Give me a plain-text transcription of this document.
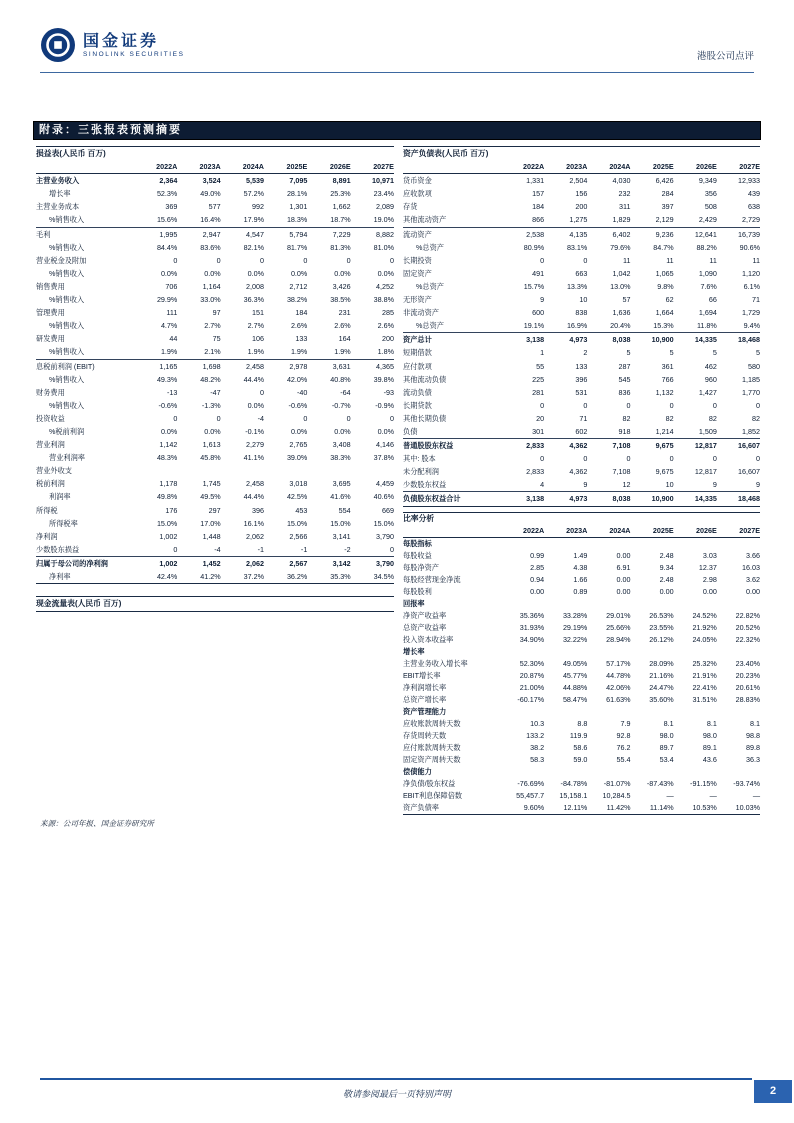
国金证券
SINOLINK SECURITIES	港股公司点评
附录：三张报表预测摘要
损益表(人民币 百万)
2022A	2023A	2024A	2025E	2026E	2027E
主营业务收入	2,364	3,524	5,539	7,095	8,891	10,971
增长率	52.3%	49.0%	57.2%	28.1%	25.3%	23.4%
主营业务成本	369	577	992	1,301	1,662	2,089
%销售收入	15.6%	16.4%	17.9%	18.3%	18.7%	19.0%
毛利	1,995	2,947	4,547	5,794	7,229	8,882
%销售收入	84.4%	83.6%	82.1%	81.7%	81.3%	81.0%
营业税金及附加	0	0	0	0	0	0
%销售收入	0.0%	0.0%	0.0%	0.0%	0.0%	0.0%
销售费用	706	1,164	2,008	2,712	3,426	4,252
%销售收入	29.9%	33.0%	36.3%	38.2%	38.5%	38.8%
管理费用	111	97	151	184	231	285
%销售收入	4.7%	2.7%	2.7%	2.6%	2.6%	2.6%
研发费用	44	75	106	133	164	200
%销售收入	1.9%	2.1%	1.9%	1.9%	1.9%	1.8%
息税前利润 (EBIT)	1,165	1,698	2,458	2,978	3,631	4,365
%销售收入	49.3%	48.2%	44.4%	42.0%	40.8%	39.8%
财务费用	-13	-47	0	-40	-64	-93
%销售收入	-0.6%	-1.3%	0.0%	-0.6%	-0.7%	-0.9%
投资收益	0	0	-4	0	0	0
%税前利润	0.0%	0.0%	-0.1%	0.0%	0.0%	0.0%
营业利润	1,142	1,613	2,279	2,765	3,408	4,146
营业利润率	48.3%	45.8%	41.1%	39.0%	38.3%	37.8%
营业外收支
税前利润	1,178	1,745	2,458	3,018	3,695	4,459
利润率	49.8%	49.5%	44.4%	42.5%	41.6%	40.6%
所得税	176	297	396	453	554	669
所得税率	15.0%	17.0%	16.1%	15.0%	15.0%	15.0%
净利润	1,002	1,448	2,062	2,566	3,141	3,790
少数股东损益	0	-4	-1	-1	-2	0
归属于母公司的净利润	1,002	1,452	2,062	2,567	3,142	3,790
净利率	42.4%	41.2%	37.2%	36.2%	35.3%	34.5%
现金流量表(人民币 百万)
资产负债表(人民币 百万)
2022A	2023A	2024A	2025E	2026E	2027E
货币资金	1,331	2,504	4,030	6,426	9,349	12,933
应收款项	157	156	232	284	356	439
存货	184	200	311	397	508	638
其他流动资产	866	1,275	1,829	2,129	2,429	2,729
流动资产	2,538	4,135	6,402	9,236	12,641	16,739
%总资产	80.9%	83.1%	79.6%	84.7%	88.2%	90.6%
长期投资	0	0	11	11	11	11
固定资产	491	663	1,042	1,065	1,090	1,120
%总资产	15.7%	13.3%	13.0%	9.8%	7.6%	6.1%
无形资产	9	10	57	62	66	71
非流动资产	600	838	1,636	1,664	1,694	1,729
%总资产	19.1%	16.9%	20.4%	15.3%	11.8%	9.4%
资产总计	3,138	4,973	8,038	10,900	14,335	18,468
短期借款	1	2	5	5	5	5
应付款项	55	133	287	361	462	580
其他流动负债	225	396	545	766	960	1,185
流动负债	281	531	836	1,132	1,427	1,770
长期贷款	0	0	0	0	0	0
其他长期负债	20	71	82	82	82	82
负债	301	602	918	1,214	1,509	1,852
普通股股东权益	2,833	4,362	7,108	9,675	12,817	16,607
其中: 股本	0	0	0	0	0	0
未分配利润	2,833	4,362	7,108	9,675	12,817	16,607
少数股东权益	4	9	12	10	9	9
负债股东权益合计	3,138	4,973	8,038	10,900	14,335	18,468
比率分析
2022A	2023A	2024A	2025E	2026E	2027E
每股指标
每股收益	0.99	1.49	0.00	2.48	3.03	3.66
每股净资产	2.85	4.38	6.91	9.34	12.37	16.03
每股经营现金净流	0.94	1.66	0.00	2.48	2.98	3.62
每股股利	0.00	0.89	0.00	0.00	0.00	0.00
回报率
净资产收益率	35.36%	33.28%	29.01%	26.53%	24.52%	22.82%
总资产收益率	31.93%	29.19%	25.66%	23.55%	21.92%	20.52%
投入资本收益率	34.90%	32.22%	28.94%	26.12%	24.05%	22.32%
增长率
主营业务收入增长率	52.30%	49.05%	57.17%	28.09%	25.32%	23.40%
EBIT增长率	20.87%	45.77%	44.78%	21.16%	21.91%	20.23%
净利润增长率	21.00%	44.88%	42.06%	24.47%	22.41%	20.61%
总资产增长率	-60.17%	58.47%	61.63%	35.60%	31.51%	28.83%
资产管理能力
应收账款周转天数	10.3	8.8	7.9	8.1	8.1	8.1
存货周转天数	133.2	119.9	92.8	98.0	98.0	98.8
应付账款周转天数	38.2	58.6	76.2	89.7	89.1	89.8
固定资产周转天数	58.3	59.0	55.4	53.4	43.6	36.3
偿债能力
净负债/股东权益	-76.69%	-84.78%	-81.07%	-87.43%	-91.15%	-93.74%
EBIT利息保障倍数	55,457.7	15,158.1	10,284.5	—	—	—
资产负债率	9.60%	12.11%	11.42%	11.14%	10.53%	10.03%
来源：公司年报、国金证券研究所
敬请参阅最后一页特别声明	2
